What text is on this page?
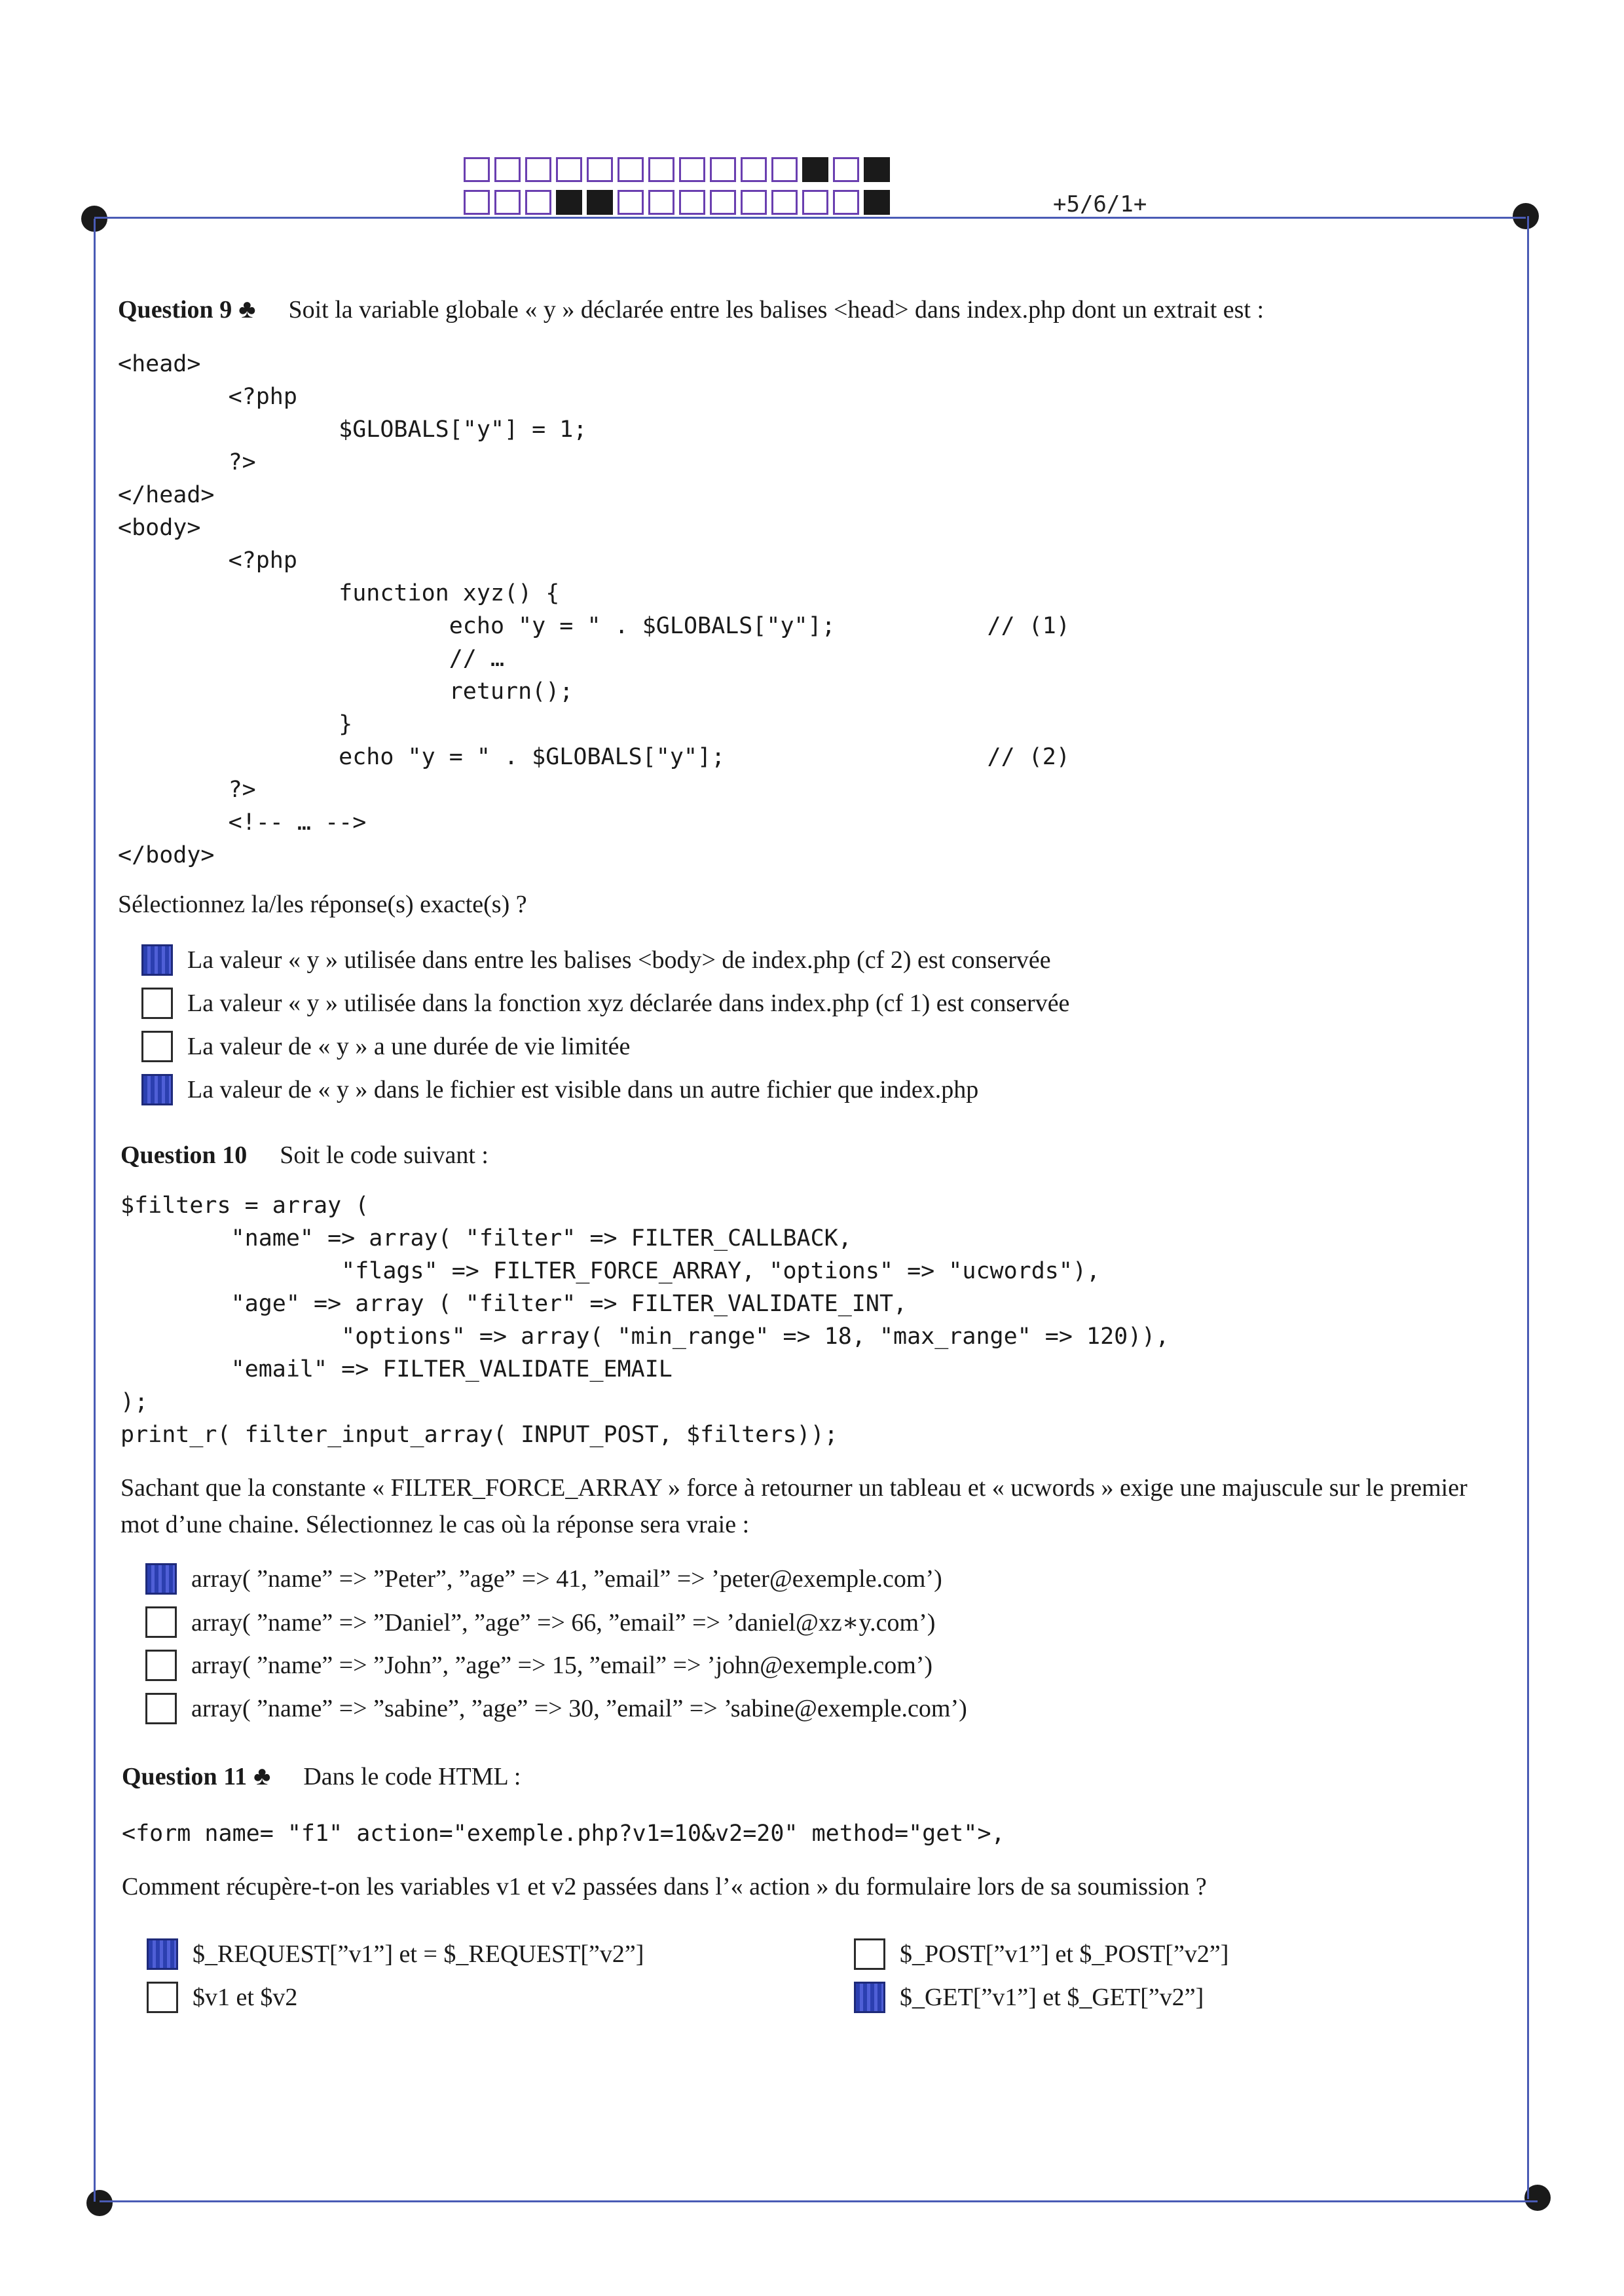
+5/6/1+
Question 9 ♣ Soit la variable globale « y » déclarée entre les balises <head> dans index.php dont un extrait est :
<head>
<?php
$GLOBALS["y"] = 1;
?>
</head>
<body>
<?php
function xyz() {
echo "y = " . $GLOBALS["y"];           // (1)
// …
return();
}
echo "y = " . $GLOBALS["y"];                   // (2)
?>
<!-- … -->
</body>
Sélectionnez la/les réponse(s) exacte(s) ?
La valeur « y » utilisée dans entre les balises <body> de index.php (cf 2) est conservée
La valeur « y » utilisée dans la fonction xyz déclarée dans index.php (cf 1) est conservée
La valeur de « y » a une durée de vie limitée
La valeur de « y » dans le fichier est visible dans un autre fichier que index.php
Question 10 Soit le code suivant :
$filters = array (
"name" => array( "filter" => FILTER_CALLBACK,
"flags" => FILTER_FORCE_ARRAY, "options" => "ucwords"),
"age" => array ( "filter" => FILTER_VALIDATE_INT,
"options" => array( "min_range" => 18, "max_range" => 120)),
"email" => FILTER_VALIDATE_EMAIL
);
print_r( filter_input_array( INPUT_POST, $filters));
Sachant que la constante « FILTER_FORCE_ARRAY » force à retourner un tableau et « ucwords » exige une majuscule sur le premier mot d’une chaine. Sélectionnez le cas où la réponse sera vraie :
array( ”name” => ”Peter”, ”age” => 41, ”email” => ’peter@exemple.com’)
array( ”name” => ”Daniel”, ”age” => 66, ”email” => ’daniel@xz∗y.com’)
array( ”name” => ”John”, ”age” => 15, ”email” => ’john@exemple.com’)
array( ”name” => ”sabine”, ”age” => 30, ”email” => ’sabine@exemple.com’)
Question 11 ♣ Dans le code HTML :
<form name= "f1" action="exemple.php?v1=10&v2=20" method="get">,
Comment récupère-t-on les variables v1 et v2 passées dans l’« action » du formulaire lors de sa soumission ?
$_REQUEST[”v1”] et = $_REQUEST[”v2”]	$_POST[”v1”] et $_POST[”v2”]
$v1 et $v2	$_GET[”v1”] et $_GET[”v2”]
